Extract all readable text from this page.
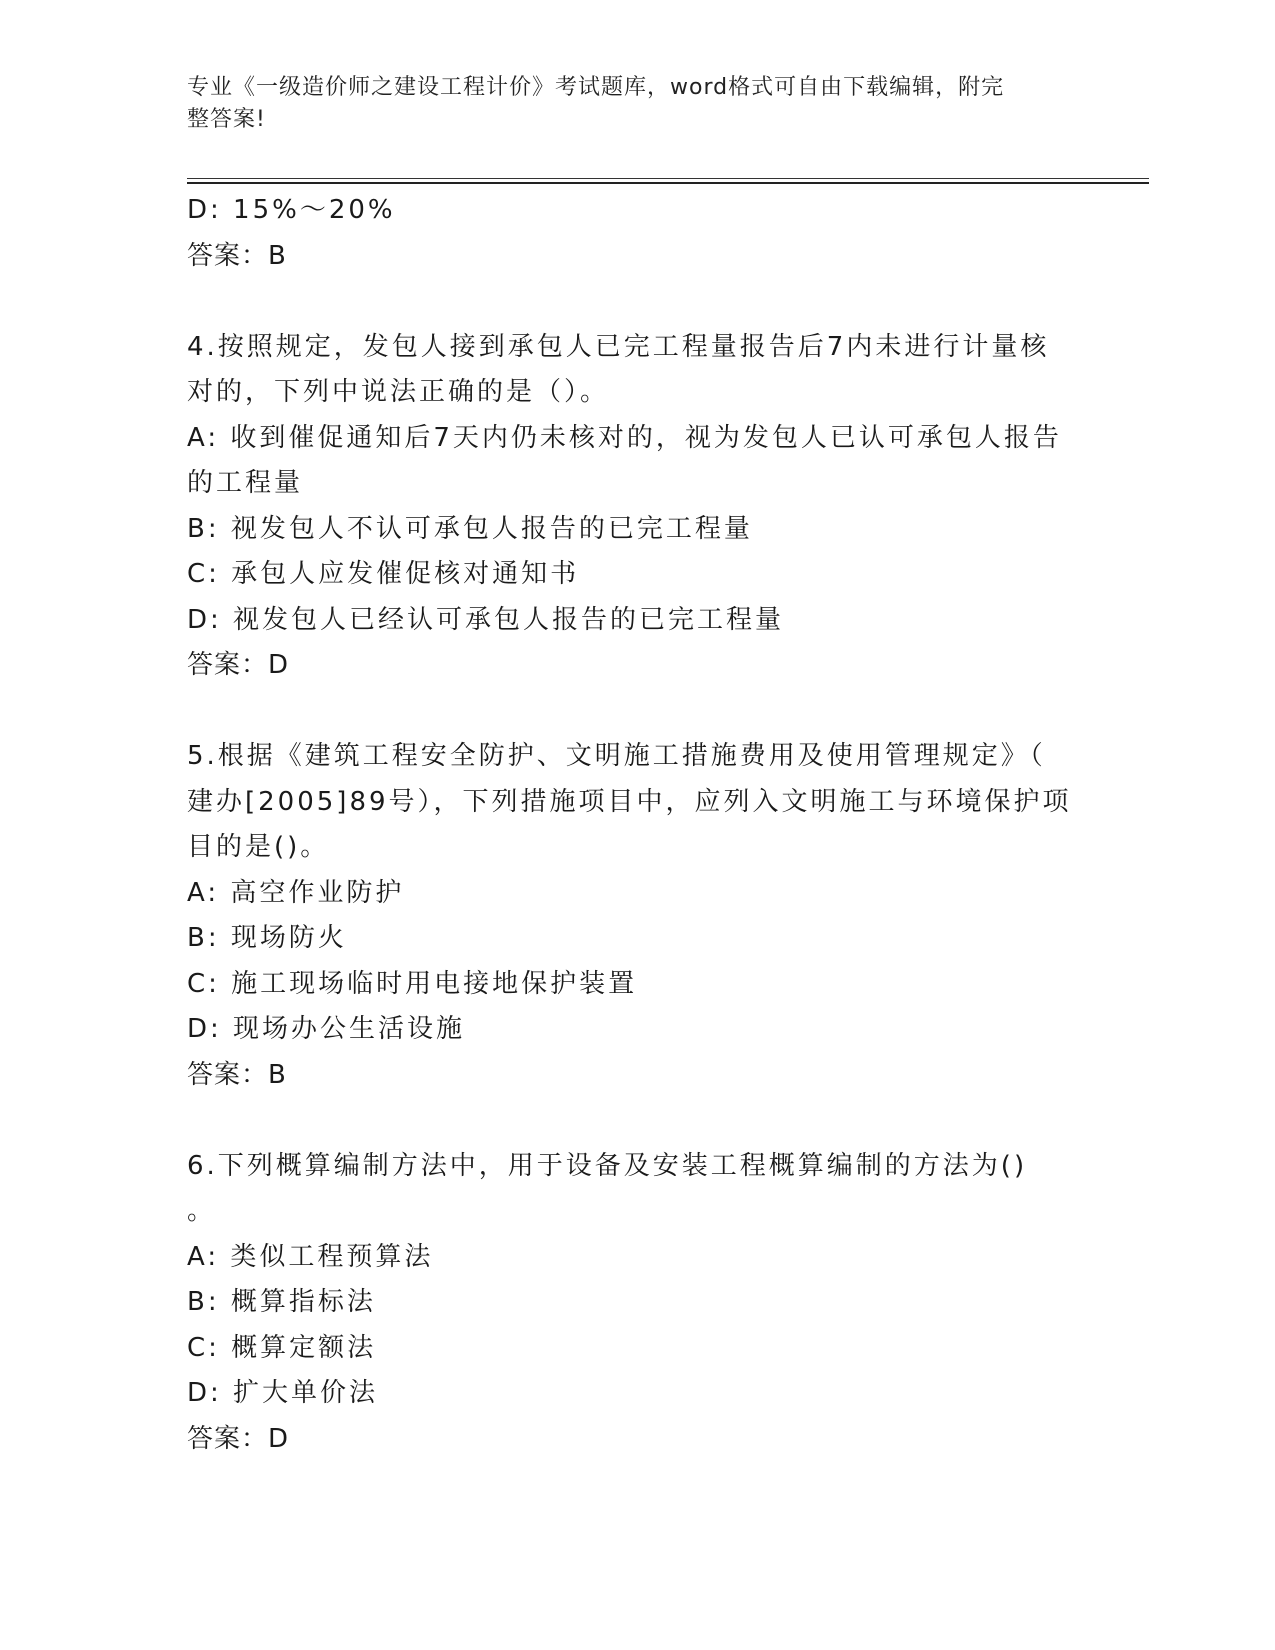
专业《一级造价师之建设工程计价》考试题库，word格式可自由下载编辑，附完
整答案!
D: 15%～20%
答案：B
4.按照规定，发包人接到承包人已完工程量报告后7内未进行计量核
对的，下列中说法正确的是（）。
A: 收到催促通知后7天内仍未核对的，视为发包人已认可承包人报告
的工程量
B: 视发包人不认可承包人报告的已完工程量
C: 承包人应发催促核对通知书
D: 视发包人已经认可承包人报告的已完工程量
答案：D
5.根据《建筑工程安全防护、文明施工措施费用及使用管理规定》（
建办[2005]89号），下列措施项目中，应列入文明施工与环境保护项
目的是()。
A: 高空作业防护
B: 现场防火
C: 施工现场临时用电接地保护装置
D: 现场办公生活设施
答案：B
6.下列概算编制方法中，用于设备及安装工程概算编制的方法为()
。
A: 类似工程预算法
B: 概算指标法
C: 概算定额法
D: 扩大单价法
答案：D
